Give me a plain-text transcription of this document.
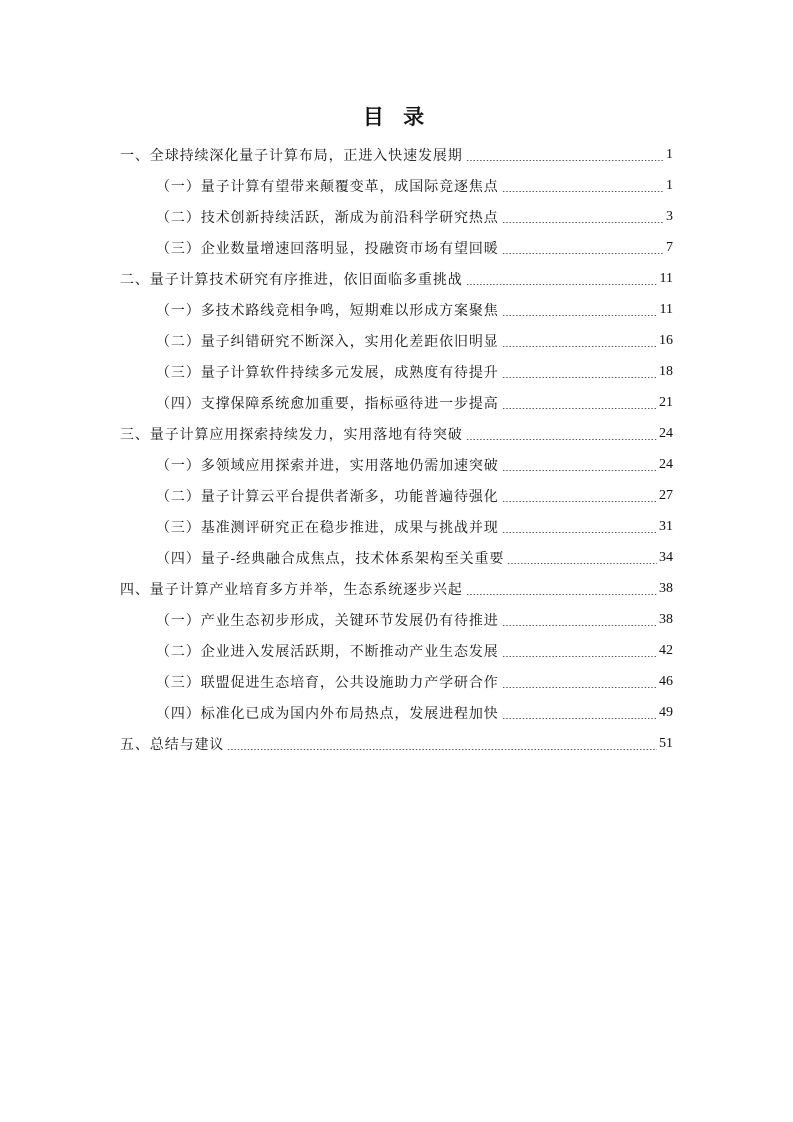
目 录
一、全球持续深化量子计算布局，正进入快速发展期	1
（一）量子计算有望带来颠覆变革，成国际竞逐焦点	1
（二）技术创新持续活跃，渐成为前沿科学研究热点	3
（三）企业数量增速回落明显，投融资市场有望回暖	7
二、量子计算技术研究有序推进，依旧面临多重挑战	11
（一）多技术路线竞相争鸣，短期难以形成方案聚焦	11
（二）量子纠错研究不断深入，实用化差距依旧明显	16
（三）量子计算软件持续多元发展，成熟度有待提升	18
（四）支撑保障系统愈加重要，指标亟待进一步提高	21
三、量子计算应用探索持续发力，实用落地有待突破	24
（一）多领域应用探索并进，实用落地仍需加速突破	24
（二）量子计算云平台提供者渐多，功能普遍待强化	27
（三）基准测评研究正在稳步推进，成果与挑战并现	31
（四）量子-经典融合成焦点，技术体系架构至关重要	34
四、量子计算产业培育多方并举，生态系统逐步兴起	38
（一）产业生态初步形成，关键环节发展仍有待推进	38
（二）企业进入发展活跃期，不断推动产业生态发展	42
（三）联盟促进生态培育，公共设施助力产学研合作	46
（四）标准化已成为国内外布局热点，发展进程加快	49
五、总结与建议	51
